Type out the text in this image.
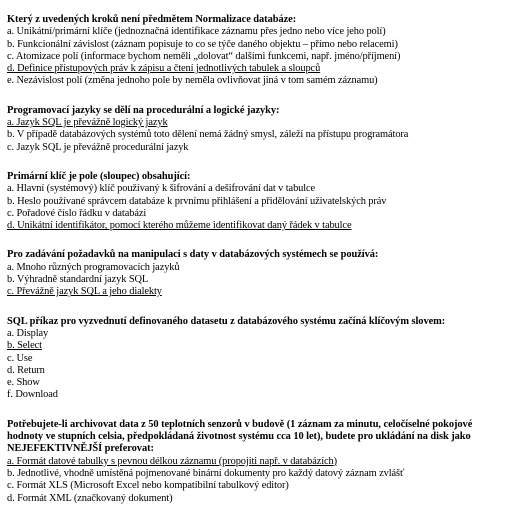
Který z uvedených kroků není předmětem Normalizace databáze:
a. Unikátní/primární klíče (jednoznačná identifikace záznamu přes jedno nebo více jeho polí)
b. Funkcionální závislost (záznam popisuje to co se týče daného objektu – přímo nebo relacemi)
c. Atomizace polí (informace bychom neměli „dolovat“ dalšími funkcemi, např. jméno/příjmení)
d. Definice přístupových práv k zápisu a čtení jednotlivých tabulek a sloupců
e. Nezávislost polí (změna jednoho pole by neměla ovlivňovat jiná v tom samém záznamu)
Programovací jazyky se dělí na procedurální a logické jazyky:
a. Jazyk SQL je převážně logický jazyk
b. V případě databázových systémů toto dělení nemá žádný smysl, záleží na přístupu programátora
c. Jazyk SQL je převážně procedurální jazyk
Primární klíč je pole (sloupec) obsahující:
a. Hlavní (systémový) klíč používaný k šifrování a dešifrování dat v tabulce
b. Heslo používané správcem databáze k prvnímu přihlášení a přidělování uživatelských práv
c. Pořadové číslo řádku v databázi
d. Unikátní identifikátor, pomocí kterého můžeme identifikovat daný řádek v tabulce
Pro zadávání požadavků na manipulaci s daty v databázových systémech se používá:
a. Mnoho různých programovacích jazyků
b. Výhradně standardní jazyk SQL
c. Převážně jazyk SQL a jeho dialekty
SQL příkaz pro vyzvednutí definovaného datasetu z databázového systému začíná klíčovým slovem:
a. Display
b. Select
c. Use
d. Return
e. Show
f. Download
Potřebujete-li archivovat data z 50 teplotních senzorů v budově (1 záznam za minutu, celočíselné pokojové hodnoty ve stupních celsia, předpokládaná životnost systému cca 10 let), budete pro ukládání na disk jako NEJEFEKTIVNĚJŠÍ preferovat:
a. Formát datové tabulky s pevnou délkou záznamu (propojiti např. v databázích)
b. Jednotlivé, vhodně umístěná pojmenované binární dokumenty pro každý datový záznam zvlášť
c. Formát XLS (Microsoft Excel nebo kompatibilní tabulkový editor)
d. Formát XML (značkovaný dokument)
